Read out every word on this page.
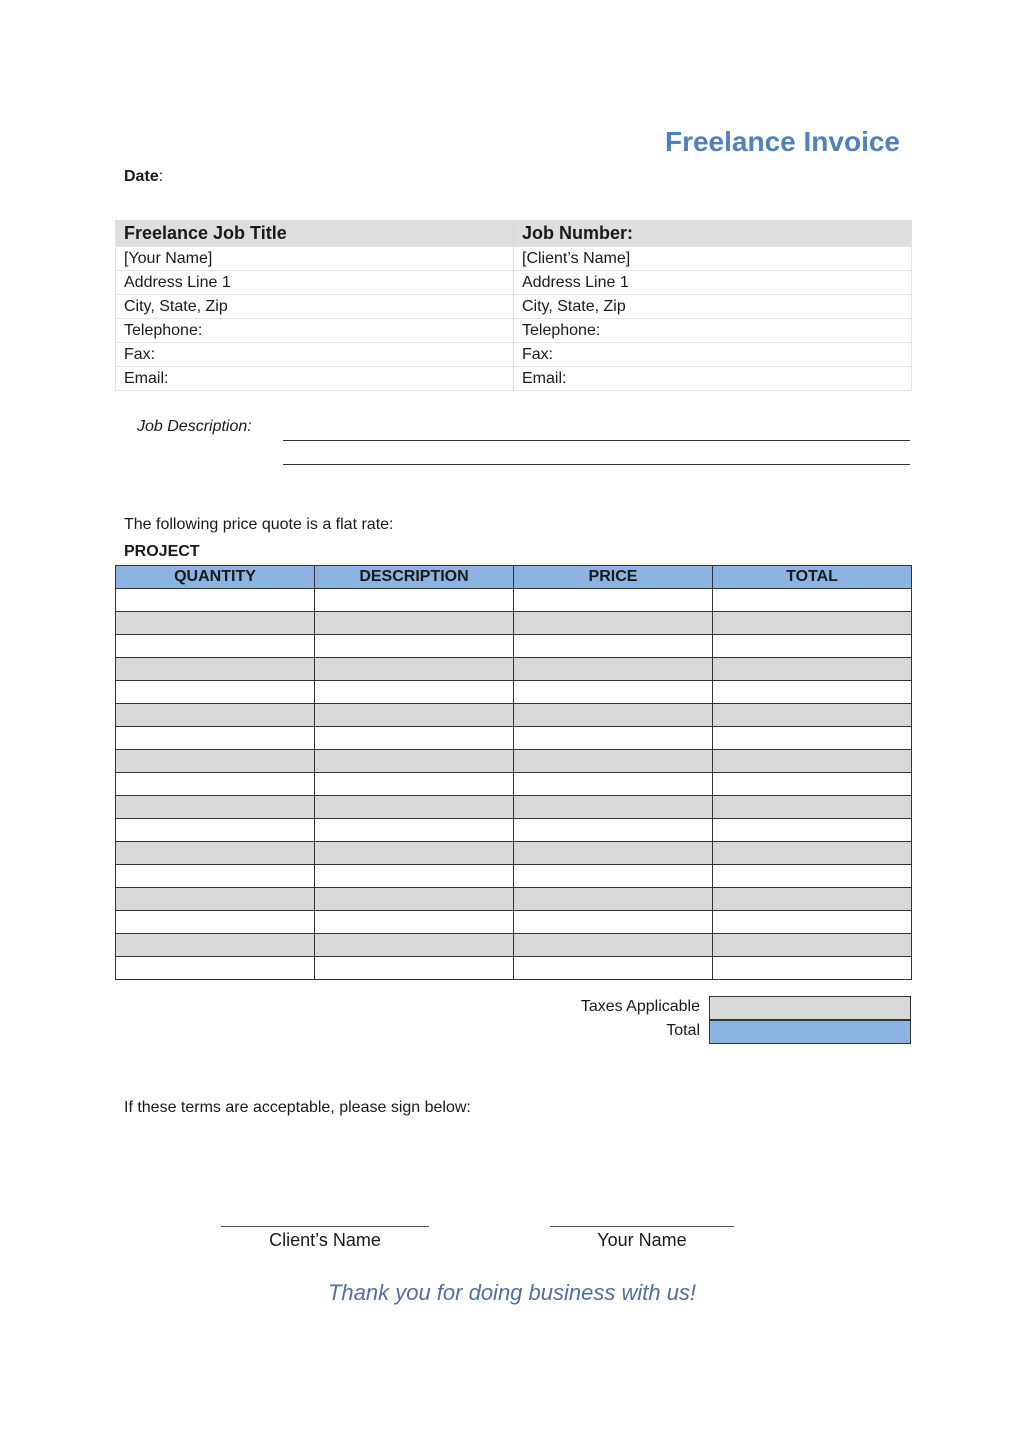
Freelance Invoice
Date:
Freelance Job Title	Job Number:
[Your Name]	[Client’s Name]
Address Line 1	Address Line 1
City, State, Zip	City, State, Zip
Telephone:	Telephone:
Fax:	Fax:
Email:	Email:
Job Description:
The following price quote is a flat rate:
PROJECT
QUANTITY	DESCRIPTION	PRICE	TOTAL

Taxes Applicable
Total
If these terms are acceptable, please sign below:
Client’s Name	Your Name
Thank you for doing business with us!
